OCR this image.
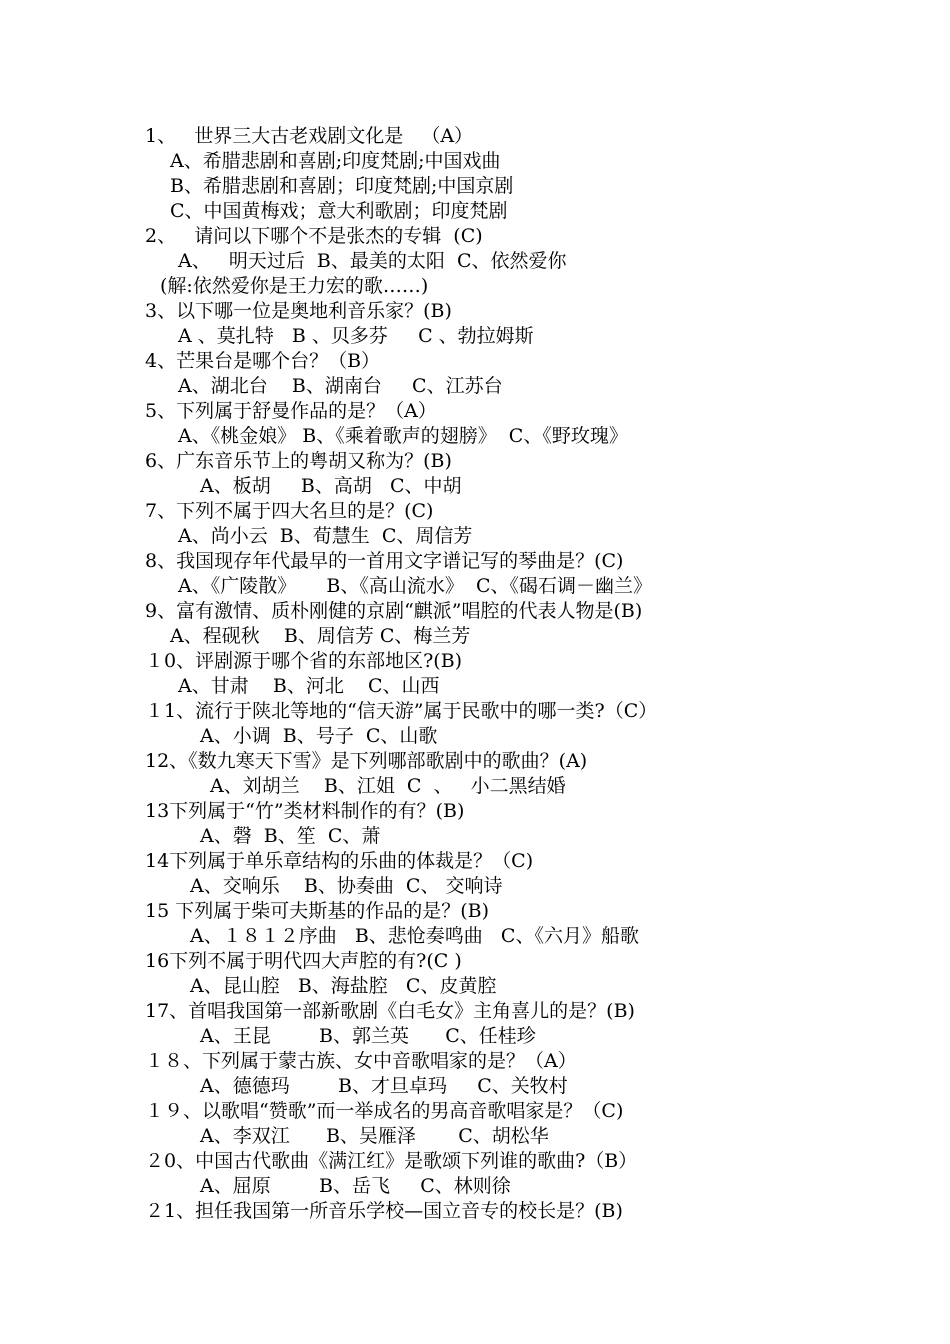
1、   世界三大古老戏剧文化是   （A）
A、希腊悲剧和喜剧;印度梵剧;中国戏曲
B、希腊悲剧和喜剧；印度梵剧;中国京剧
C、中国黄梅戏；意大利歌剧；印度梵剧
2、   请问以下哪个不是张杰的专辑  (C)
A、   明天过后  B、最美的太阳  C、依然爱你
(解:依然爱你是王力宏的歌……)
3、以下哪一位是奥地利音乐家？(B)
A 、莫扎特   B 、贝多芬     C 、勃拉姆斯
4、芒果台是哪个台？（B）
A、湖北台    B、湖南台     C、江苏台
5、下列属于舒曼作品的是？（A）
A、《桃金娘》 B、《乘着歌声的翅膀》  C、《野玫瑰》
6、广东音乐节上的粤胡又称为？(B)
A、板胡     B、高胡   C、中胡
7、下列不属于四大名旦的是？(C)
A、尚小云  B、荀慧生  C、周信芳
8、我国现存年代最早的一首用文字谱记写的琴曲是？(C)
A、《广陵散》     B、《高山流水》  C、《碣石调－幽兰》
9、富有激情、质朴刚健的京剧“麒派”唱腔的代表人物是(B)
A、程砚秋    B、周信芳 C、梅兰芳
１0、评剧源于哪个省的东部地区?(B)
A、甘肃    B、河北    C、山西
１1、流行于陕北等地的“信天游”属于民歌中的哪一类?（C）
A、小调  B、号子  C、山歌
12、《数九寒天下雪》是下列哪部歌剧中的歌曲？(A)
A、刘胡兰    B、江姐  C  、   小二黑结婚
13下列属于“竹”类材料制作的有？(B)
A、磬  B、笙  C、萧
14下列属于单乐章结构的乐曲的体裁是？（C)
A、交响乐    B、协奏曲  C、 交响诗
15 下列属于柴可夫斯基的作品的是？(B)
A、１８１２序曲   B、悲怆奏鸣曲   C、《六月》船歌
16下列不属于明代四大声腔的有?(C )
A、昆山腔   B、海盐腔   C、皮黄腔
17、首唱我国第一部新歌剧《白毛女》主角喜儿的是？(B)
A、王昆        B、郭兰英      C、任桂珍
１８、下列属于蒙古族、女中音歌唱家的是？（A）
A、德德玛        B、才旦卓玛     C、关牧村
１９、以歌唱“赞歌”而一举成名的男高音歌唱家是？（C)
A、李双江      B、吴雁泽       C、胡松华
２0、中国古代歌曲《满江红》是歌颂下列谁的歌曲?（B）
A、屈原        B、岳飞     C、林则徐
２1、担任我国第一所音乐学校—国立音专的校长是？(B)
